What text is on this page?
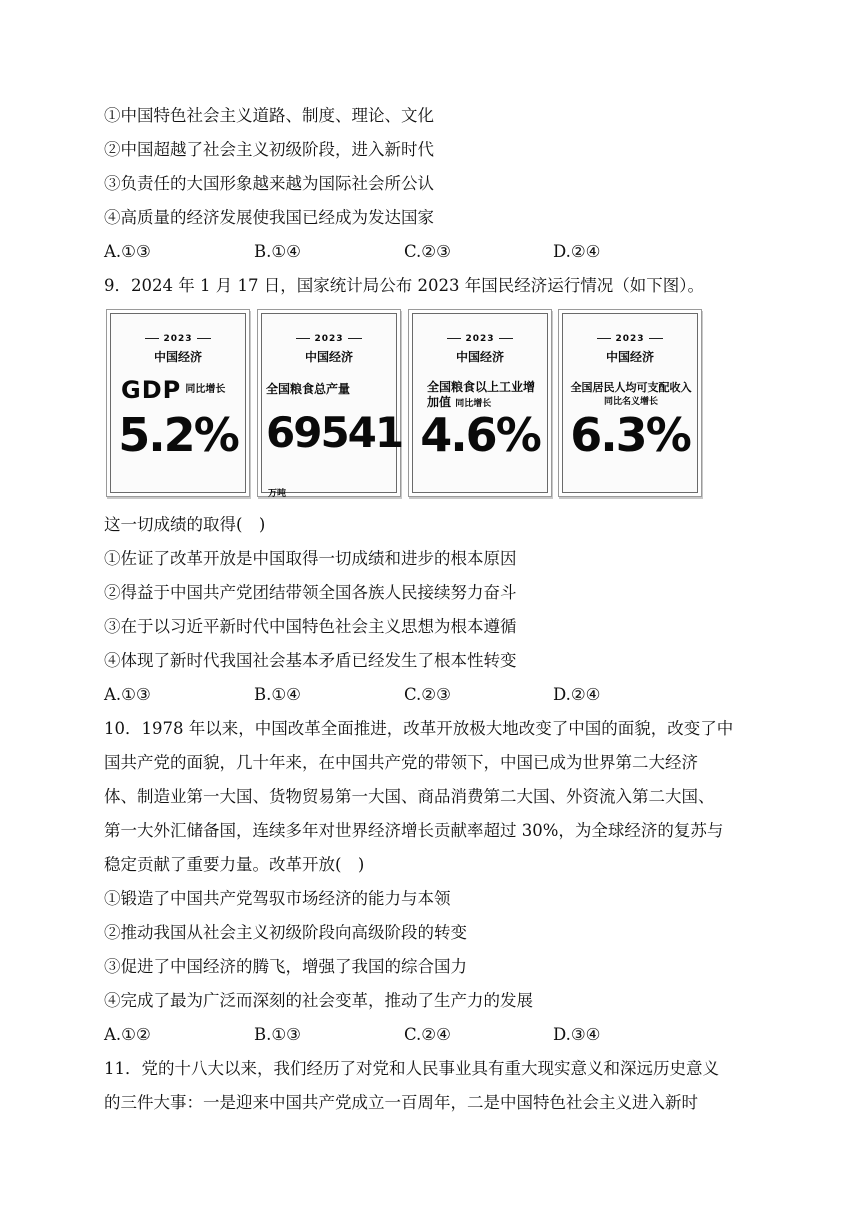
①中国特色社会主义道路、制度、理论、文化
②中国超越了社会主义初级阶段，进入新时代
③负责任的大国形象越来越为国际社会所公认
④高质量的经济发展使我国已经成为发达国家
A.①③	B.①④	C.②③	D.②④
9．2024 年 1 月 17 日，国家统计局公布 2023 年国民经济运行情况（如下图）。
2023
中国经济
GDP $^{同比增长}$
5.2%
2023
中国经济
全国粮食总产量
69541万吨
2023
中国经济
全国粮食以上工业增加值 同比增长
4.6%
2023
中国经济
全国居民人均可支配收入
同比名义增长
6.3%
这一切成绩的取得(　)
①佐证了改革开放是中国取得一切成绩和进步的根本原因
②得益于中国共产党团结带领全国各族人民接续努力奋斗
③在于以习近平新时代中国特色社会主义思想为根本遵循
④体现了新时代我国社会基本矛盾已经发生了根本性转变
A.①③	B.①④	C.②③	D.②④
10．1978 年以来，中国改革全面推进，改革开放极大地改变了中国的面貌，改变了中
国共产党的面貌，几十年来，在中国共产党的带领下，中国已成为世界第二大经济
体、制造业第一大国、货物贸易第一大国、商品消费第二大国、外资流入第二大国、
第一大外汇储备国，连续多年对世界经济增长贡献率超过 30%，为全球经济的复苏与
稳定贡献了重要力量。改革开放(　)
①锻造了中国共产党驾驭市场经济的能力与本领
②推动我国从社会主义初级阶段向高级阶段的转变
③促进了中国经济的腾飞，增强了我国的综合国力
④完成了最为广泛而深刻的社会变革，推动了生产力的发展
A.①②	B.①③	C.②④	D.③④
11．党的十八大以来，我们经历了对党和人民事业具有重大现实意义和深远历史意义
的三件大事：一是迎来中国共产党成立一百周年，二是中国特色社会主义进入新时
